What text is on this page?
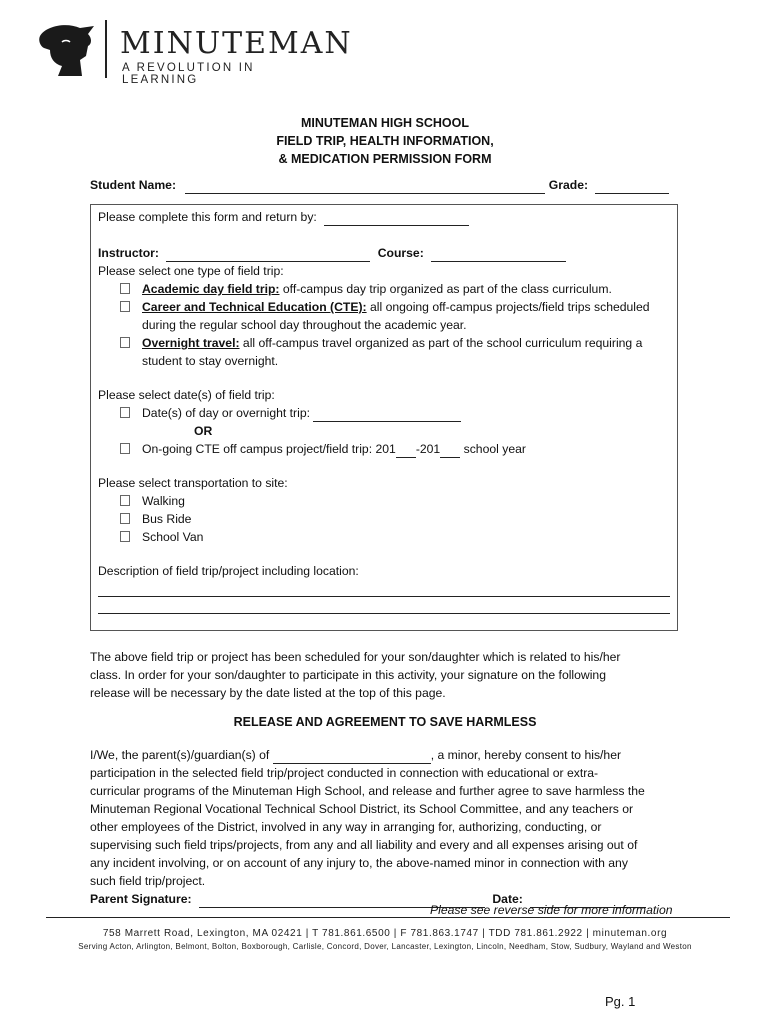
MINUTEMAN
A REVOLUTION IN LEARNING
MINUTEMAN HIGH SCHOOL
FIELD TRIP, HEALTH INFORMATION,
& MEDICATION PERMISSION FORM
Student Name:	Grade:
Please complete this form and return by:
Instructor:	Course:
Please select one type of field trip:
Academic day field trip: off-campus day trip organized as part of the class curriculum.
Career and Technical Education (CTE): all ongoing off-campus projects/field trips scheduled
during the regular school day throughout the academic year.
Overnight travel: all off-campus travel organized as part of the school curriculum requiring a
student to stay overnight.
Please select date(s) of field trip:
Date(s) of day or overnight trip:
OR
On-going CTE off campus project/field trip: 201 -201 school year
Please select transportation to site:
Walking
Bus Ride
School Van
Description of field trip/project including location:
The above field trip or project has been scheduled for your son/daughter which is related to his/her
class. In order for your son/daughter to participate in this activity, your signature on the following
release will be necessary by the date listed at the top of this page.
RELEASE AND AGREEMENT TO SAVE HARMLESS
I/We, the parent(s)/guardian(s) of	, a minor, hereby consent to his/her
participation in the selected field trip/project conducted in connection with educational or extra-
curricular programs of the Minuteman High School, and release and further agree to save harmless the
Minuteman Regional Vocational Technical School District, its School Committee, and any teachers or
other employees of the District, involved in any way in arranging for, authorizing, conducting, or
supervising such field trips/projects, from any and all liability and every and all expenses arising out of
any incident involving, or on account of any injury to, the above-named minor in connection with any
such field trip/project.
Parent Signature:	Date:
Please see reverse side for more information
758 Marrett Road, Lexington, MA 02421 | T 781.861.6500 | F 781.863.1747 | TDD 781.861.2922 | minuteman.org
Serving Acton, Arlington, Belmont, Bolton, Boxborough, Carlisle, Concord, Dover, Lancaster, Lexington, Lincoln, Needham, Stow, Sudbury, Wayland and Weston
Pg. 1
